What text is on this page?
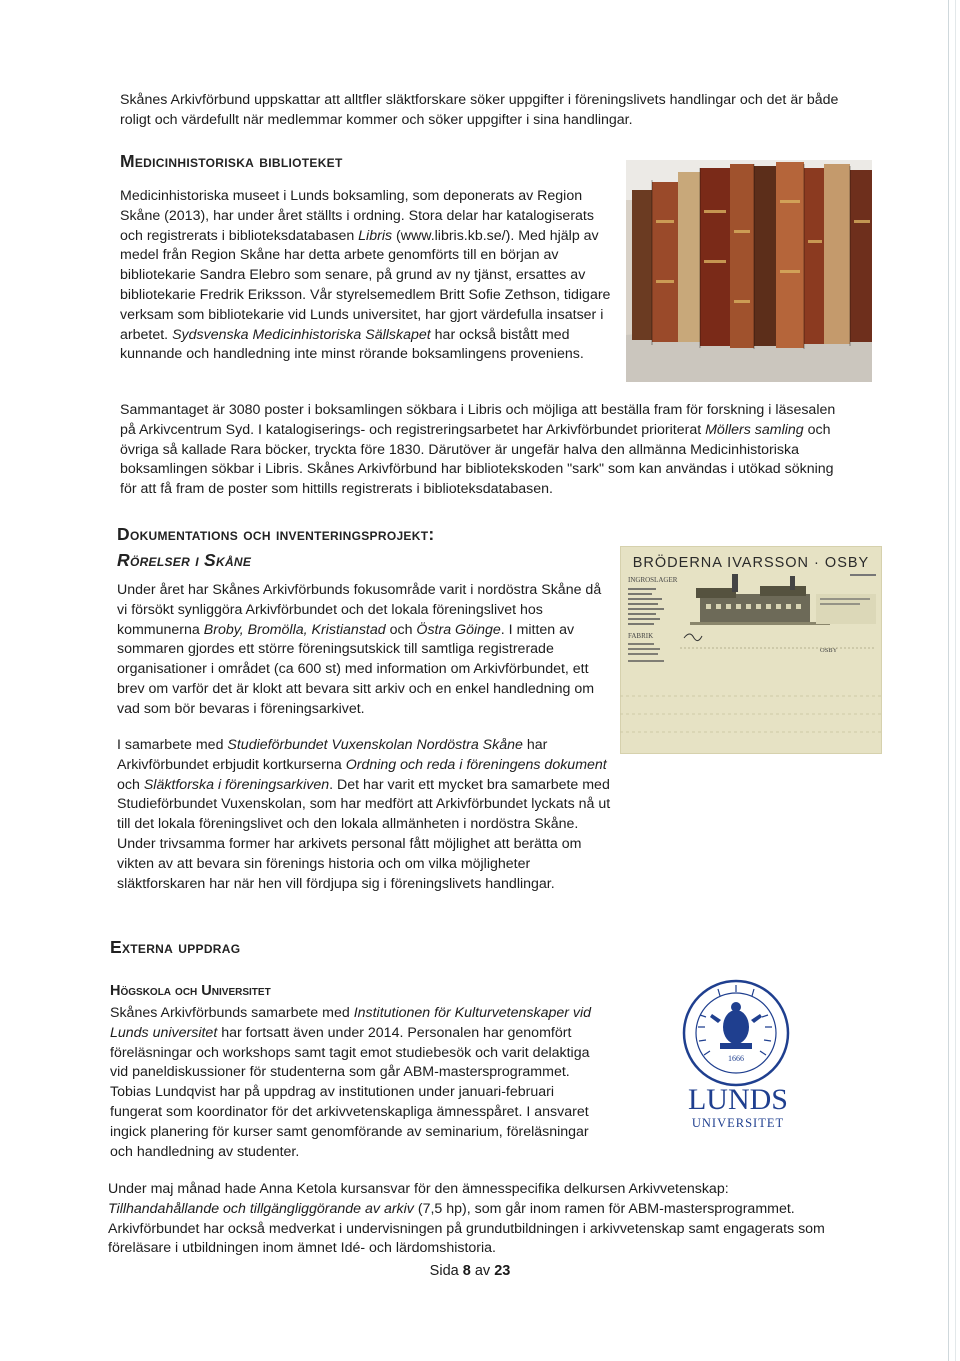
Skånes Arkivförbund uppskattar att alltfler släktforskare söker uppgifter i föreningslivets handlingar och det är både roligt och värdefullt när medlemmar kommer och söker uppgifter i sina handlingar.
Medicinhistoriska biblioteket
Medicinhistoriska museet i Lunds boksamling, som deponerats av Region Skåne (2013), har under året ställts i ordning. Stora delar har katalogiserats och registrerats i biblioteksdatabasen Libris (www.libris.kb.se/). Med hjälp av medel från Region Skåne har detta arbete genomförts till en början av bibliotekarie Sandra Elebro som senare, på grund av ny tjänst, ersattes av bibliotekarie Fredrik Eriksson. Vår styrelsemedlem Britt Sofie Zethson, tidigare verksam som bibliotekarie vid Lunds universitet, har gjort värdefulla insatser i arbetet. Sydsvenska Medicinhistoriska Sällskapet har också bistått med kunnande och handledning inte minst rörande boksamlingens proveniens.
Sammantaget är 3080 poster i boksamlingen sökbara i Libris och möjliga att beställa fram för forskning i läsesalen på Arkivcentrum Syd. I katalogiserings- och registreringsarbetet har Arkivförbundet prioriterat Möllers samling och övriga så kallade Rara böcker, tryckta före 1830. Därutöver är ungefär halva den allmänna Medicinhistoriska boksamlingen sökbar i Libris. Skånes Arkivförbund har bibliotekskoden "sark" som kan användas i utökad sökning för att få fram de poster som hittills registrerats i biblioteksdatabasen.
Dokumentations och inventeringsprojekt:
Rörelser i Skåne
Under året har Skånes Arkivförbunds fokusområde varit i nordöstra Skåne då vi försökt synliggöra Arkivförbundet och det lokala föreningslivet hos kommunerna Broby, Bromölla, Kristianstad och Östra Göinge. I mitten av sommaren gjordes ett större föreningsutskick till samtliga registrerade organisationer i området (ca 600 st) med information om Arkivförbundet, ett brev om varför det är klokt att bevara sitt arkiv och en enkel handledning om vad som bör bevaras i föreningsarkivet.
BRÖDERNA IVARSSON · OSBY
INGROSLAGER
FABRIK
OSBY
I samarbete med Studieförbundet Vuxenskolan Nordöstra Skåne har Arkivförbundet erbjudit kortkurserna Ordning och reda i föreningens dokument och Släktforska i föreningsarkiven. Det har varit ett mycket bra samarbete med Studieförbundet Vuxenskolan, som har medfört att Arkivförbundet lyckats nå ut till det lokala föreningslivet och den lokala allmänheten i nordöstra Skåne. Under trivsamma former har arkivets personal fått möjlighet att berätta om vikten av att bevara sin förenings historia och om vilka möjligheter släktforskaren har när hen vill fördjupa sig i föreningslivets handlingar.
Externa uppdrag
Högskola och Universitet
Skånes Arkivförbunds samarbete med Institutionen för Kulturvetenskaper vid Lunds universitet har fortsatt även under 2014. Personalen har genomfört föreläsningar och workshops samt tagit emot studiebesök och varit delaktiga vid paneldiskussioner för studenterna som går ABM-mastersprogrammet. Tobias Lundqvist har på uppdrag av institutionen under januari-februari fungerat som koordinator för det arkivvetenskapliga ämnesspåret. I ansvaret ingick planering för kurser samt genomförande av seminarium, föreläsningar och handledning av studenter.
1666
LUNDS
UNIVERSITET
Under maj månad hade Anna Ketola kursansvar för den ämnesspecifika delkursen Arkivvetenskap: Tillhandahållande och tillgängliggörande av arkiv (7,5 hp), som går inom ramen för ABM-mastersprogrammet. Arkivförbundet har också medverkat i undervisningen på grundutbildningen i arkivvetenskap samt engagerats som föreläsare i utbildningen inom ämnet Idé- och lärdomshistoria.
Sida 8 av 23
